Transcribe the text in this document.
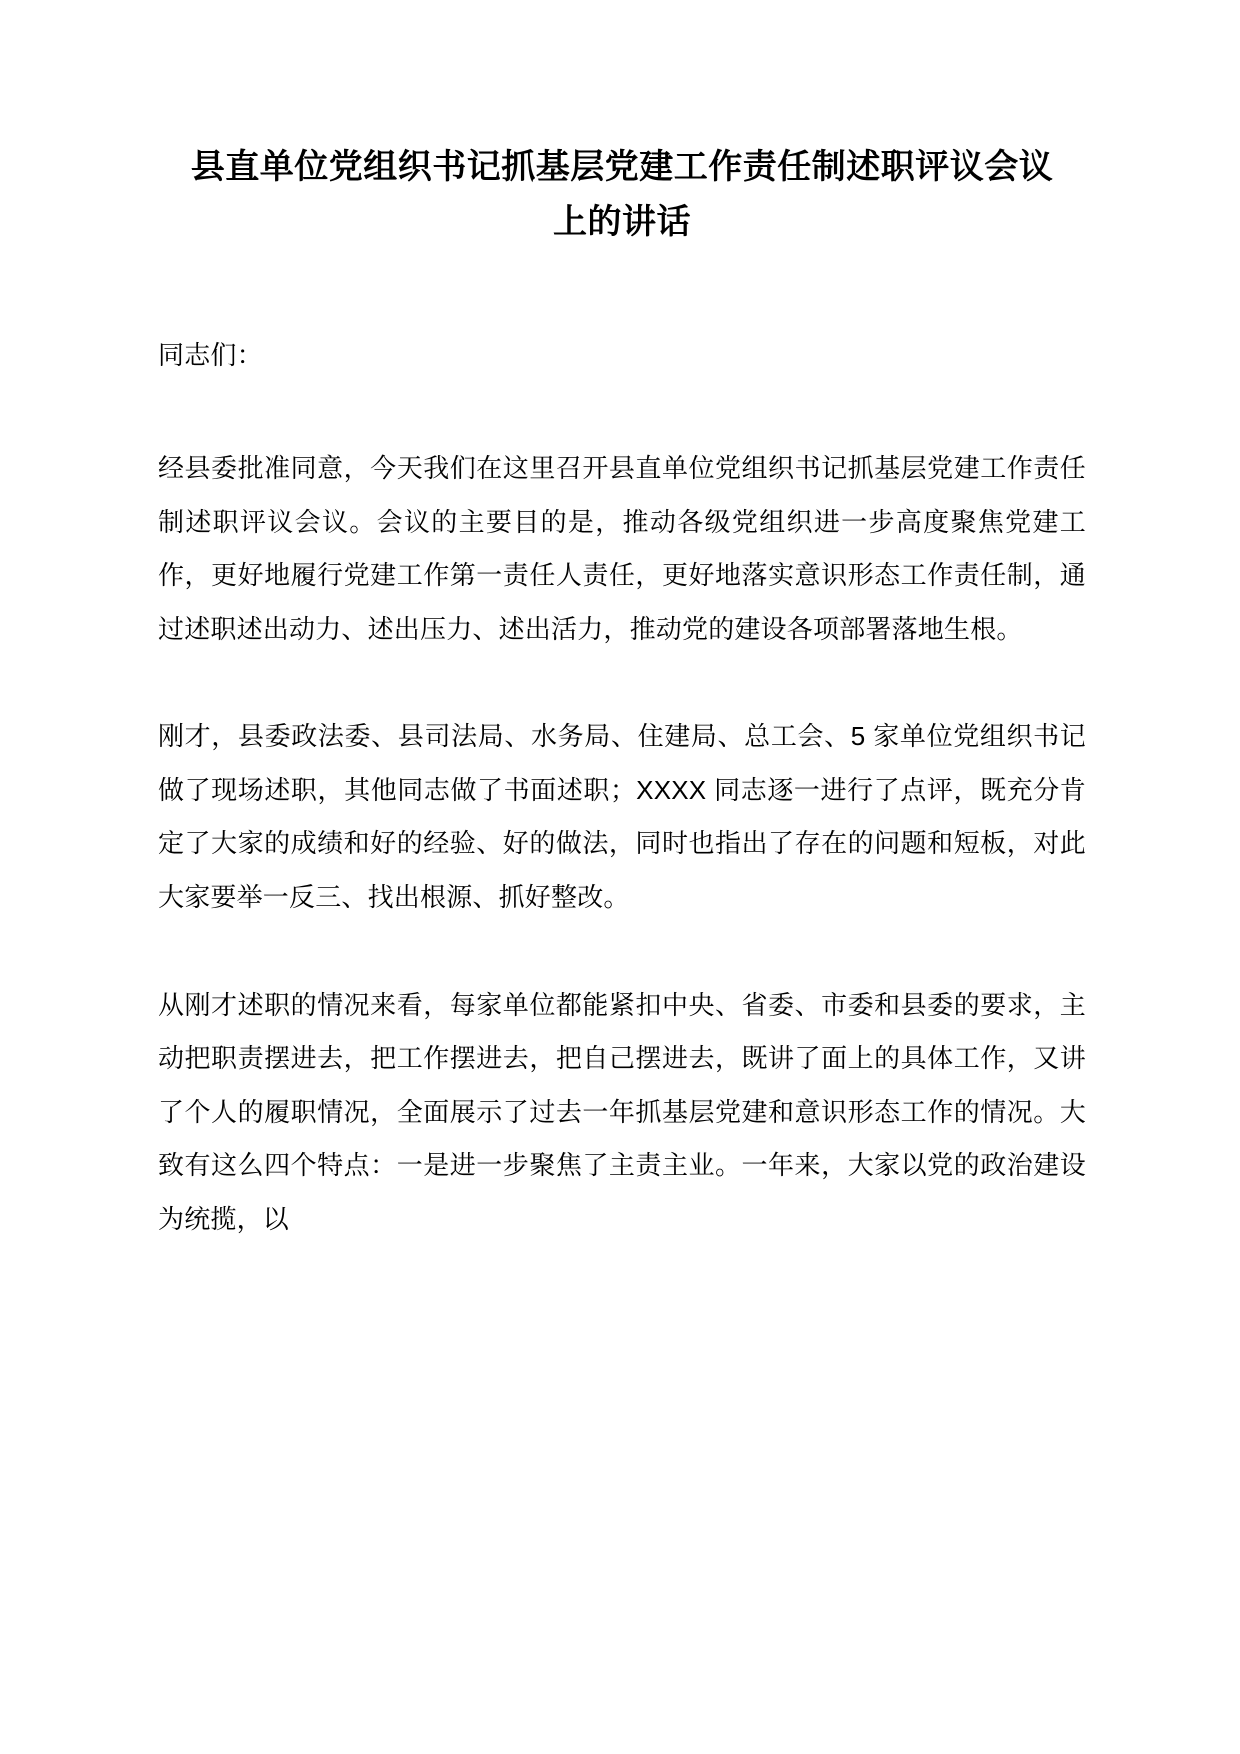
县直单位党组织书记抓基层党建工作责任制述职评议会议
上的讲话

同志们：

经县委批准同意，今天我们在这里召开县直单位党组织书记抓基层党建工作责任制述职评议会议。会议的主要目的是，推动各级党组织进一步高度聚焦党建工作，更好地履行党建工作第一责任人责任，更好地落实意识形态工作责任制，通过述职述出动力、述出压力、述出活力，推动党的建设各项部署落地生根。

刚才，县委政法委、县司法局、水务局、住建局、总工会、5 家单位党组织书记做了现场述职，其他同志做了书面述职；XXXX 同志逐一进行了点评，既充分肯定了大家的成绩和好的经验、好的做法，同时也指出了存在的问题和短板，对此大家要举一反三、找出根源、抓好整改。

从刚才述职的情况来看，每家单位都能紧扣中央、省委、市委和县委的要求，主动把职责摆进去，把工作摆进去，把自己摆进去，既讲了面上的具体工作，又讲了个人的履职情况，全面展示了过去一年抓基层党建和意识形态工作的情况。大致有这么四个特点：一是进一步聚焦了主责主业。一年来，大家以党的政治建设为统揽，以
